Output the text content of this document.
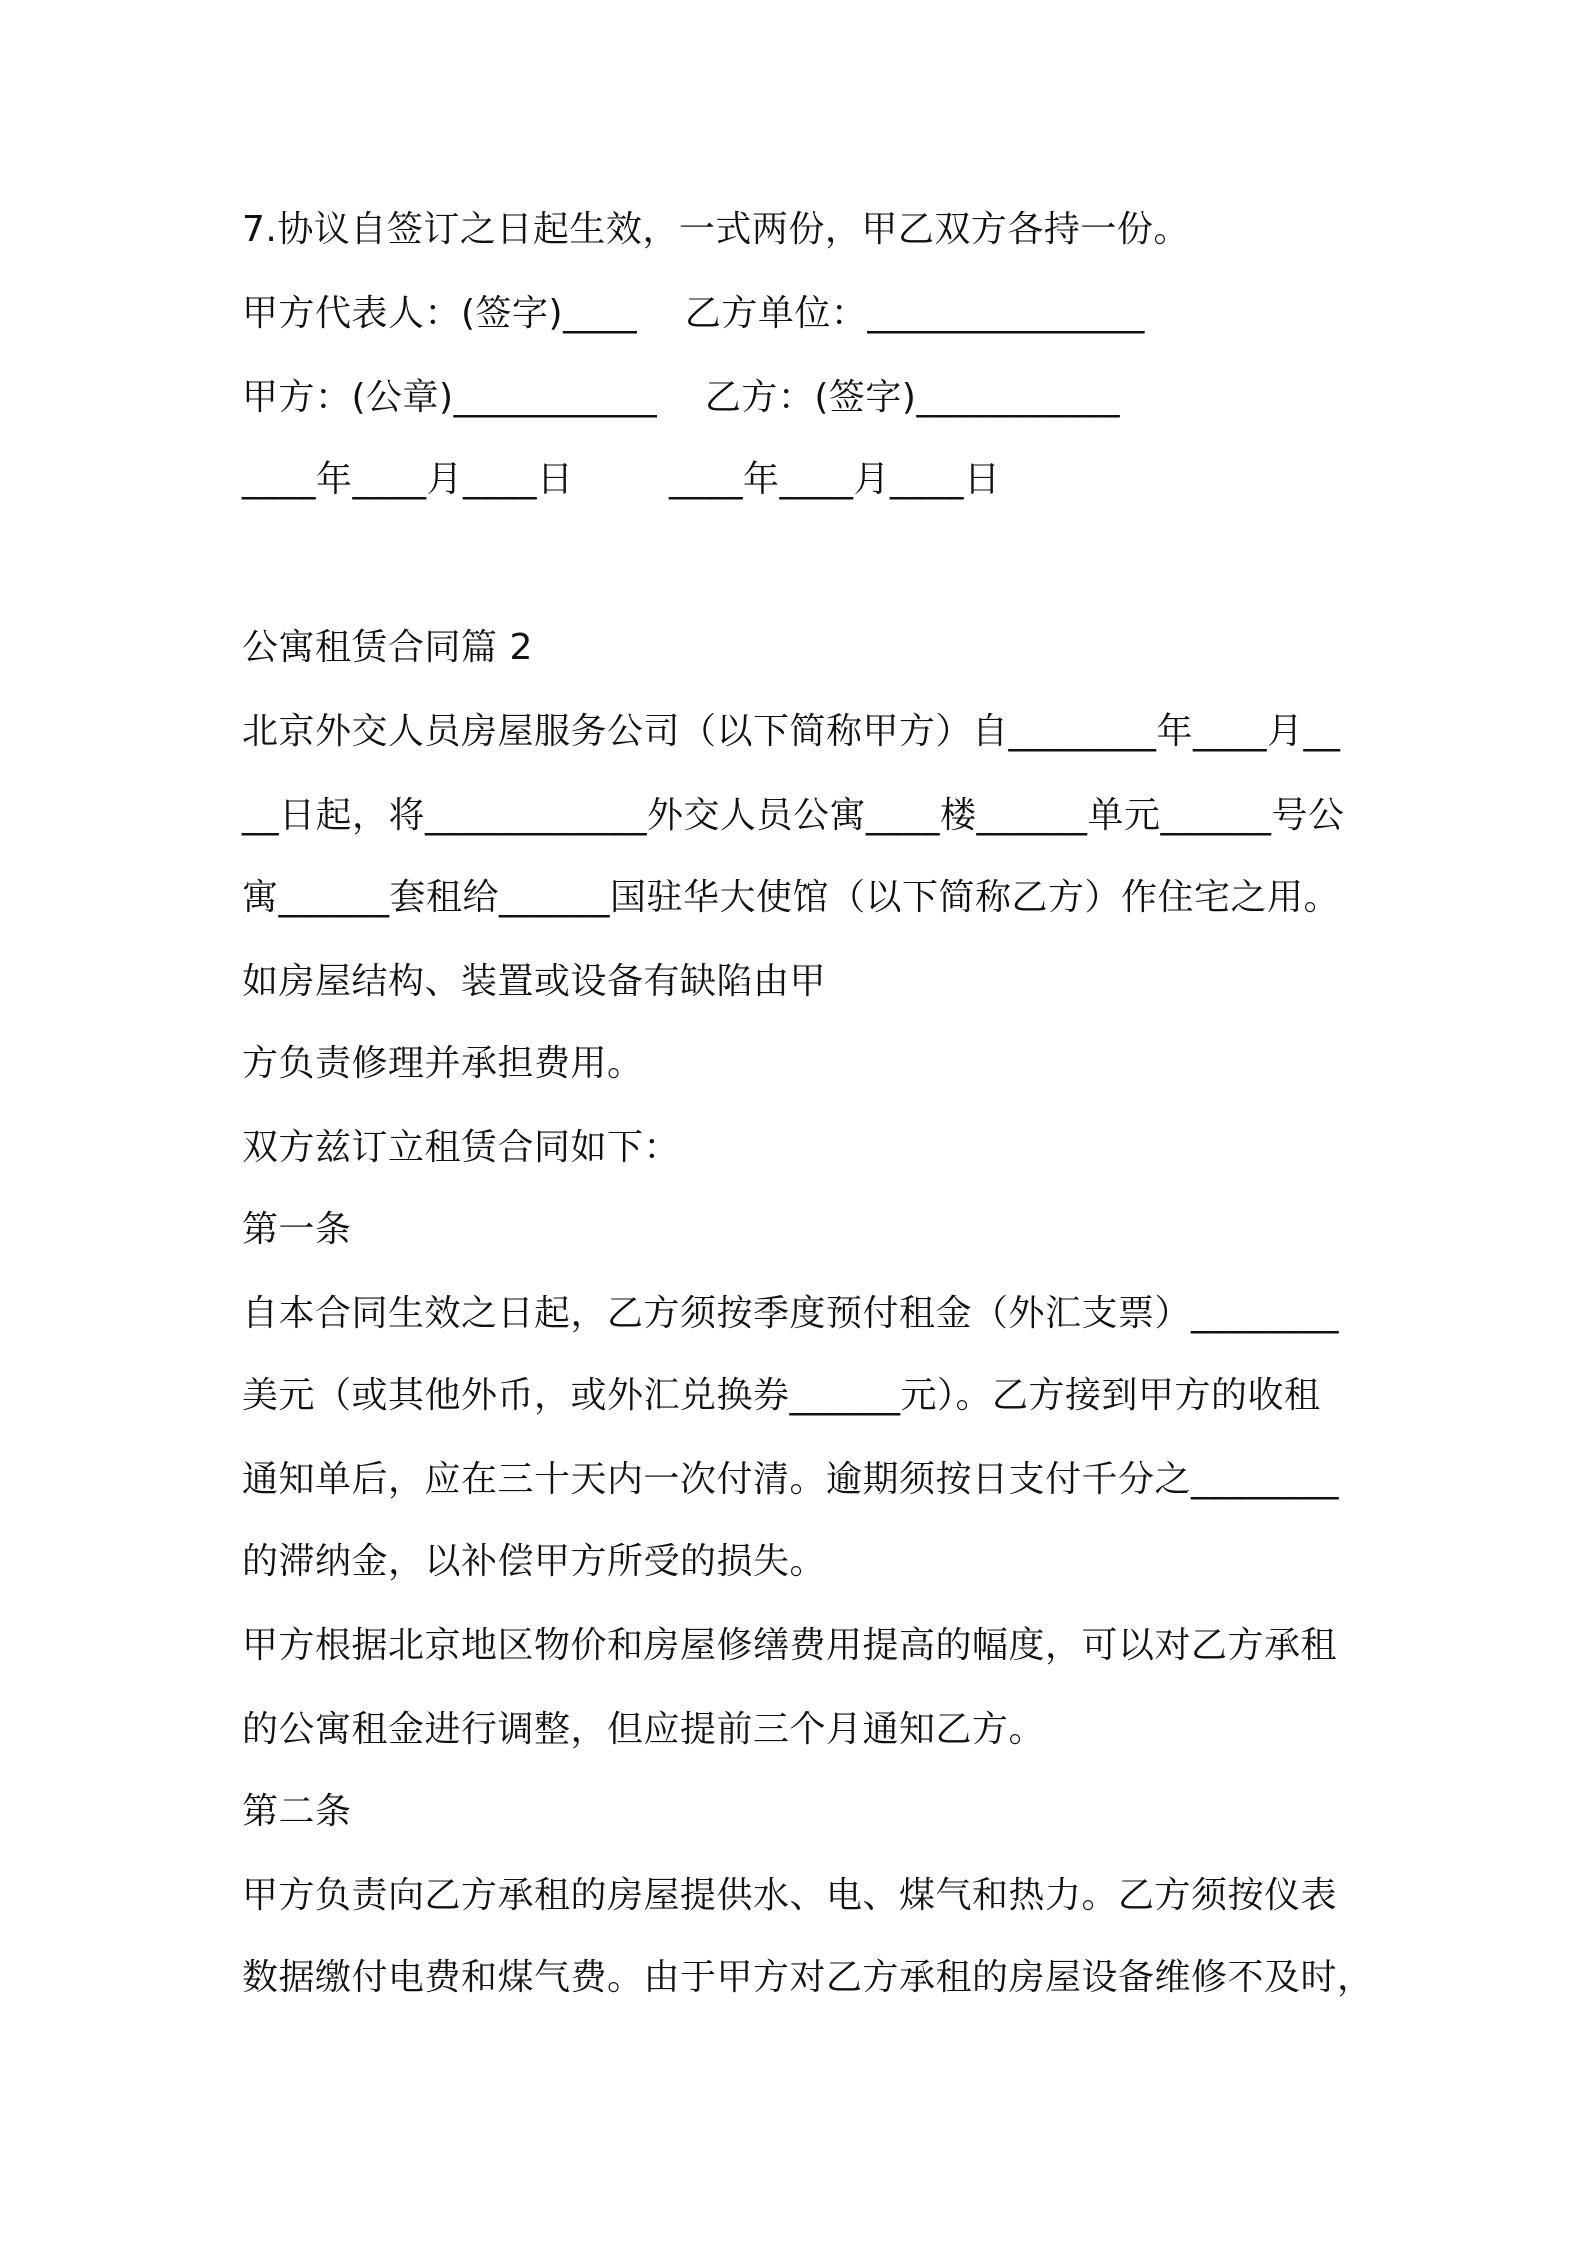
7.协议自签订之日起生效，一式两份，甲乙双方各持一份。

甲方代表人：(签字)____    乙方单位：_______________

甲方：(公章)___________    乙方：(签字)___________

____年____月____日        ____年____月____日

公寓租赁合同篇 2

北京外交人员房屋服务公司（以下简称甲方）自________年____月__

__日起，将____________外交人员公寓____楼______单元______号公

寓______套租给______国驻华大使馆（以下简称乙方）作住宅之用。

如房屋结构、装置或设备有缺陷由甲

方负责修理并承担费用。

双方兹订立租赁合同如下：

第一条

自本合同生效之日起，乙方须按季度预付租金（外汇支票）________

美元（或其他外币，或外汇兑换券______元）。乙方接到甲方的收租

通知单后，应在三十天内一次付清。逾期须按日支付千分之________

的滞纳金，以补偿甲方所受的损失。

甲方根据北京地区物价和房屋修缮费用提高的幅度，可以对乙方承租

的公寓租金进行调整，但应提前三个月通知乙方。

第二条

甲方负责向乙方承租的房屋提供水、电、煤气和热力。乙方须按仪表

数据缴付电费和煤气费。由于甲方对乙方承租的房屋设备维修不及时，
